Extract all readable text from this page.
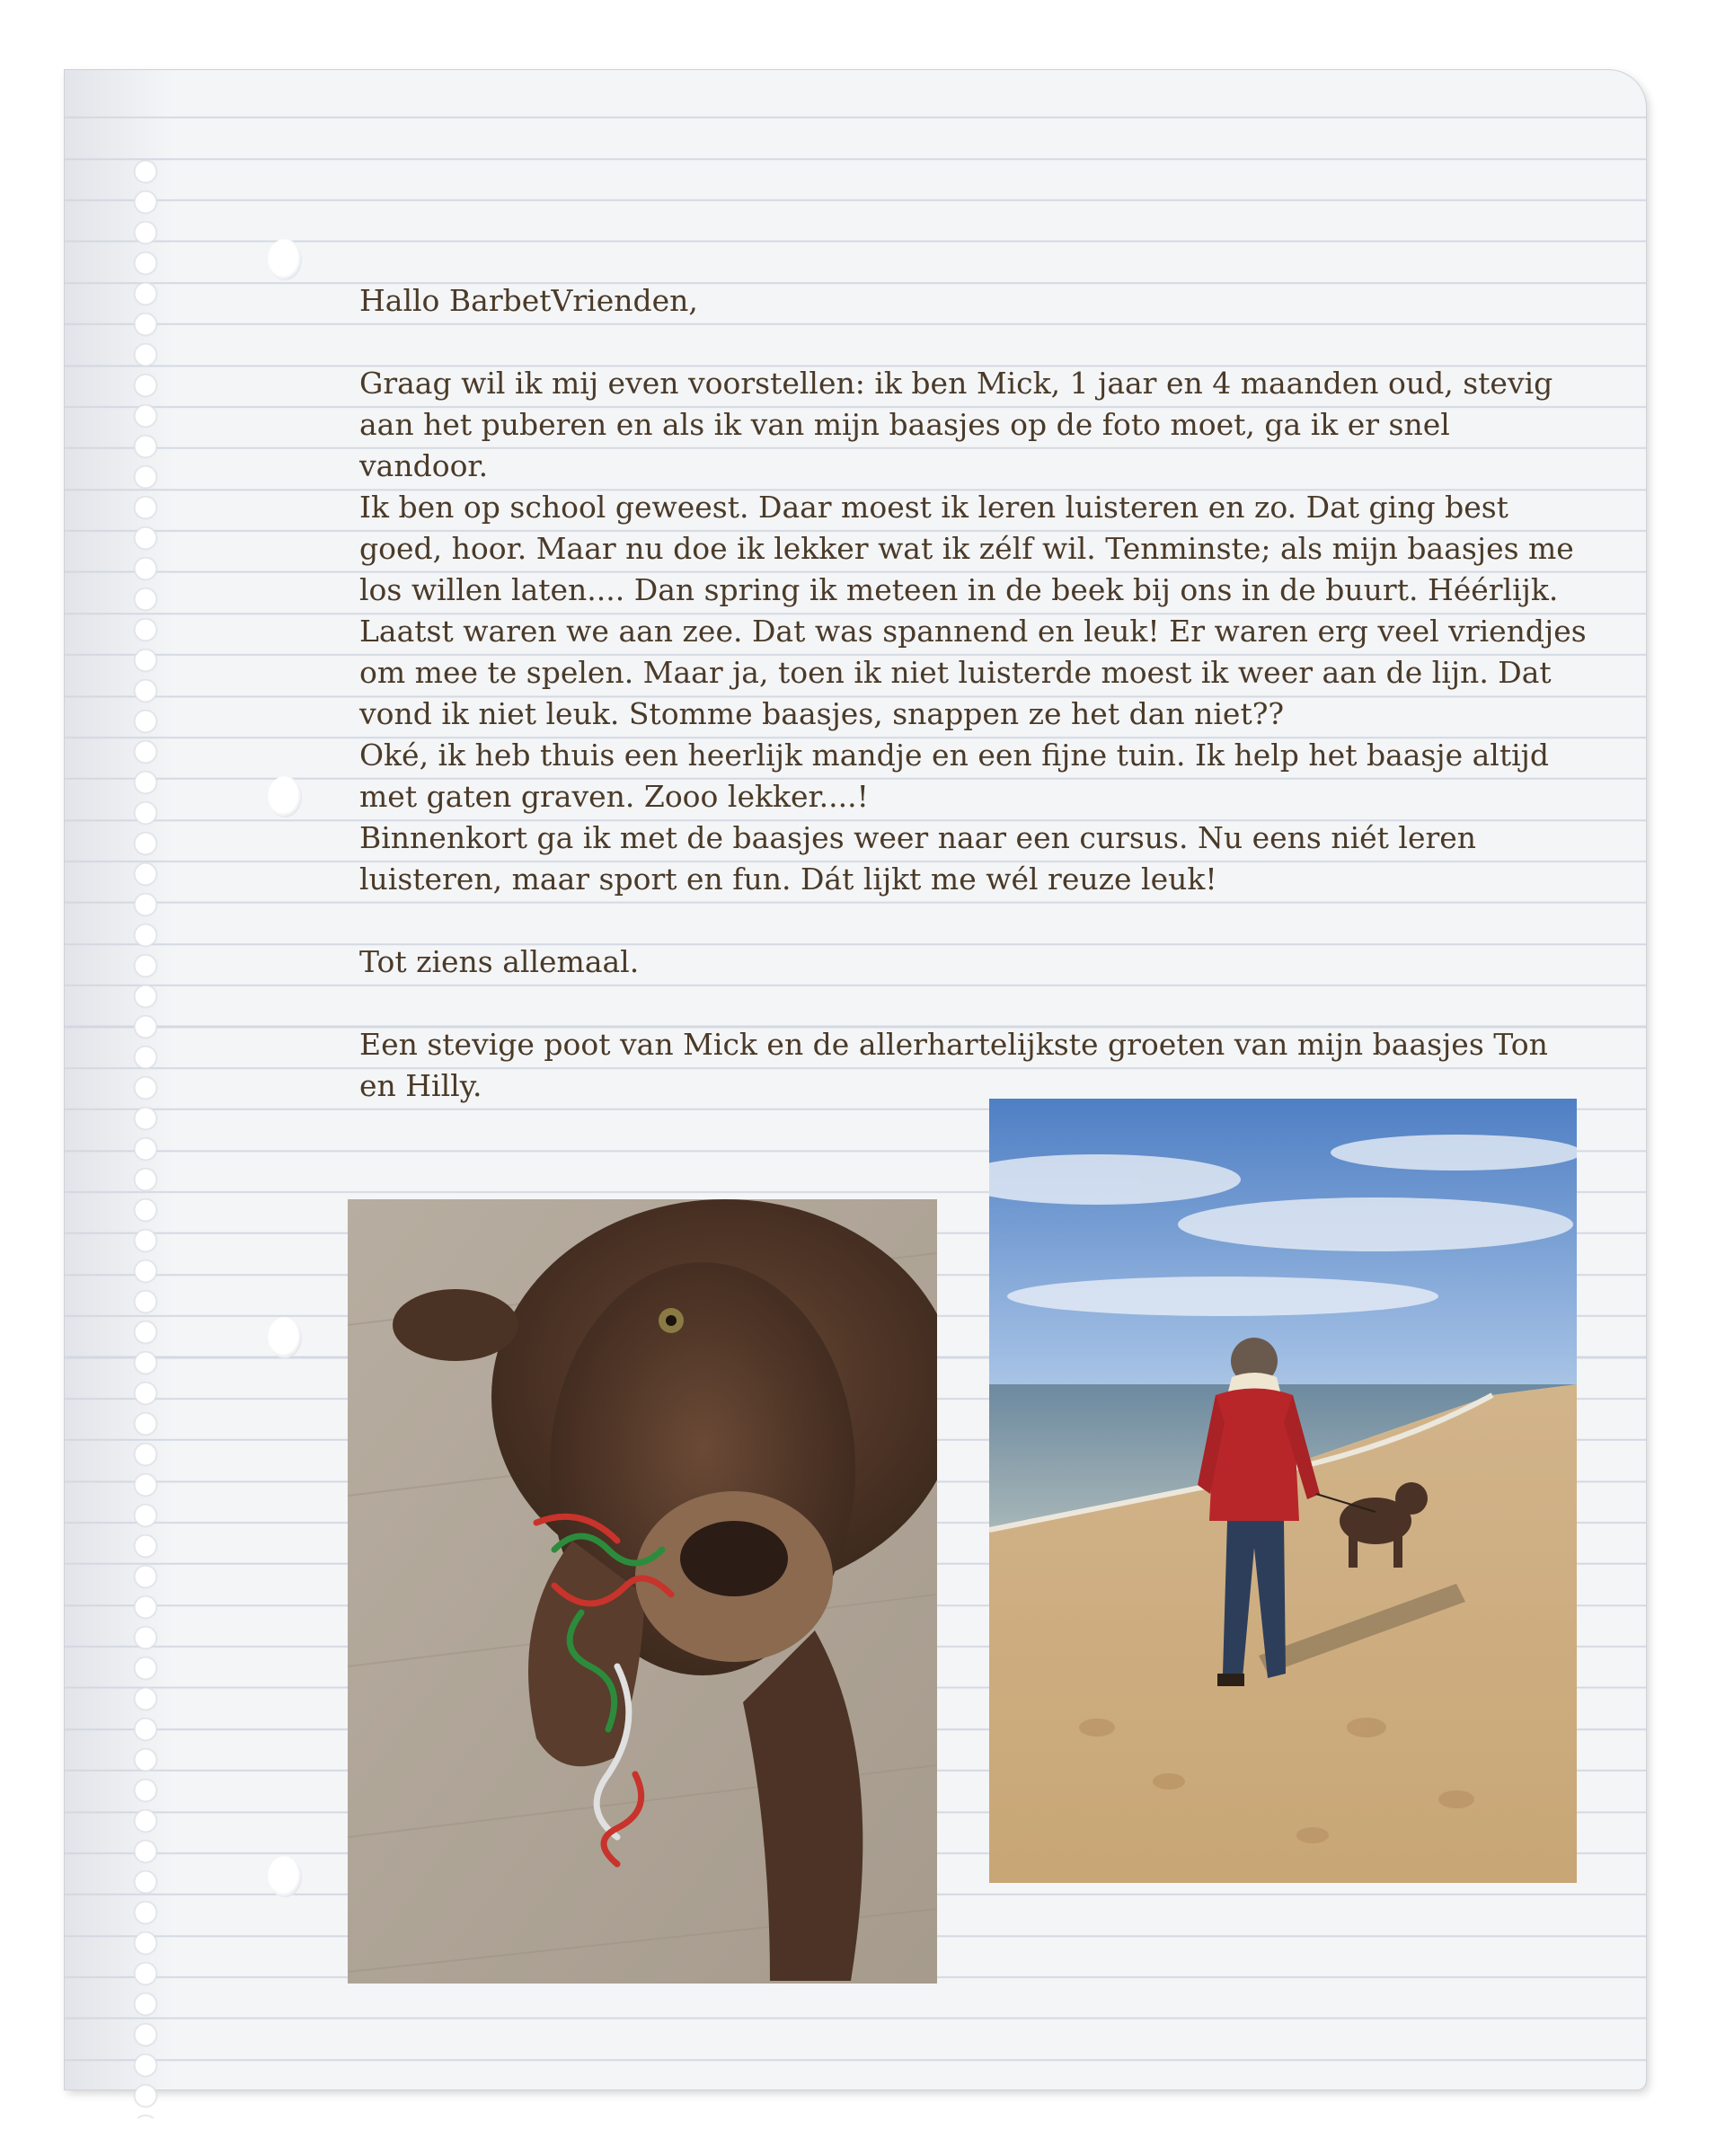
Hallo BarbetVrienden,

Graag wil ik mij even voorstellen: ik ben Mick, 1 jaar en 4 maanden oud, stevig
aan het puberen en als ik van mijn baasjes op de foto moet, ga ik er snel
vandoor.
Ik ben op school geweest. Daar moest ik leren luisteren en zo. Dat ging best
goed, hoor. Maar nu doe ik lekker wat ik zélf wil. Tenminste; als mijn baasjes me
los willen laten.... Dan spring ik meteen in de beek bij ons in de buurt. Héérlijk.
Laatst waren we aan zee. Dat was spannend en leuk! Er waren erg veel vriendjes
om mee te spelen. Maar ja, toen ik niet luisterde moest ik weer aan de lijn. Dat
vond ik niet leuk. Stomme baasjes, snappen ze het dan niet??
Oké, ik heb thuis een heerlijk mandje en een fijne tuin. Ik help het baasje altijd
met gaten graven. Zooo lekker....!
Binnenkort ga ik met de baasjes weer naar een cursus. Nu eens niét leren
luisteren, maar sport en fun. Dát lijkt me wél reuze leuk!

Tot ziens allemaal.

Een stevige poot van Mick en de allerhartelijkste groeten van mijn baasjes Ton
en Hilly.
